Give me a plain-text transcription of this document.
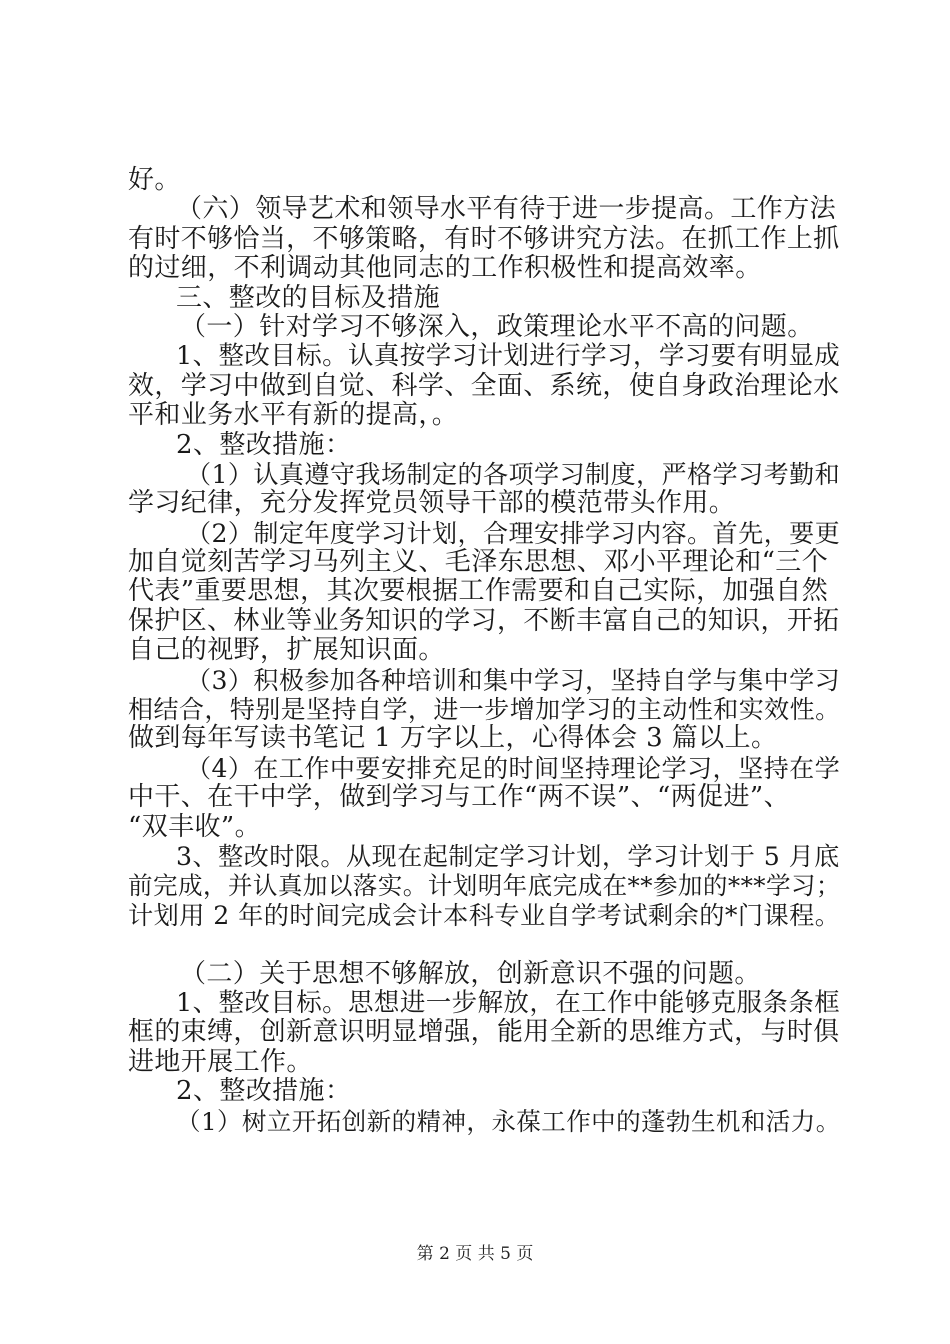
好。
（六）领导艺术和领导水平有待于进一步提高。工作方法
有时不够恰当，不够策略，有时不够讲究方法。在抓工作上抓
的过细，不利调动其他同志的工作积极性和提高效率。
三、整改的目标及措施
（一）针对学习不够深入，政策理论水平不高的问题。
1、整改目标。认真按学习计划进行学习，学习要有明显成
效，学习中做到自觉、科学、全面、系统，使自身政治理论水
平和业务水平有新的提高，。
2、整改措施：
（1）认真遵守我场制定的各项学习制度，严格学习考勤和
学习纪律，充分发挥党员领导干部的模范带头作用。
（2）制定年度学习计划，合理安排学习内容。首先，要更
加自觉刻苦学习马列主义、毛泽东思想、邓小平理论和“三个
代表”重要思想，其次要根据工作需要和自己实际，加强自然
保护区、林业等业务知识的学习，不断丰富自己的知识，开拓
自己的视野，扩展知识面。
（3）积极参加各种培训和集中学习，坚持自学与集中学习
相结合，特别是坚持自学，进一步增加学习的主动性和实效性。
做到每年写读书笔记 1 万字以上，心得体会 3 篇以上。
（4）在工作中要安排充足的时间坚持理论学习，坚持在学
中干、在干中学，做到学习与工作“两不误”、“两促进”、
“双丰收”。
3、整改时限。从现在起制定学习计划，学习计划于 5 月底
前完成，并认真加以落实。计划明年底完成在**参加的***学习；
计划用 2 年的时间完成会计本科专业自学考试剩余的*门课程。
（二）关于思想不够解放，创新意识不强的问题。
1、整改目标。思想进一步解放，在工作中能够克服条条框
框的束缚，创新意识明显增强，能用全新的思维方式，与时俱
进地开展工作。
2、整改措施：
（1）树立开拓创新的精神，永葆工作中的蓬勃生机和活力。
第 2 页 共 5 页
